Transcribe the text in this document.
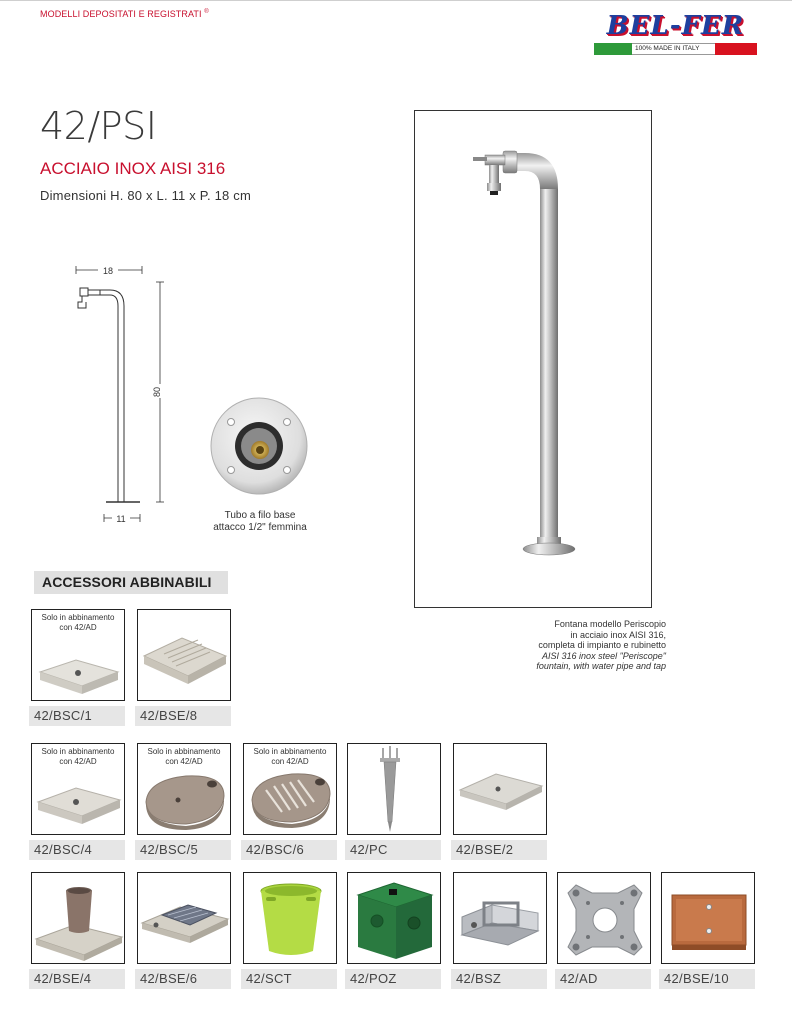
MODELLI DEPOSITATI E REGISTRATI ®	BEL-FER
100% MADE IN ITALY
42/PSI
ACCIAIO INOX AISI 316
Dimensioni H. 80 x L. 11 x P. 18 cm
18
80
11	Tubo a filo base
attacco 1/2" femmina
Fontana modello Periscopio
in acciaio inox AISI 316,
completa di impianto e rubinetto
AISI 316 inox steel "Periscope"
fountain, with water pipe and tap
ACCESSORI ABBINABILI
Solo in abbinamento con 42/AD
42/BSC/1	42/BSE/8
Solo in abbinamento con 42/AD
42/BSC/4
Solo in abbinamento con 42/AD
42/BSC/5
Solo in abbinamento con 42/AD
42/BSC/6	42/PC	42/BSE/2
42/BSE/4	42/BSE/6	42/SCT	42/POZ	42/BSZ	42/AD	42/BSE/10
